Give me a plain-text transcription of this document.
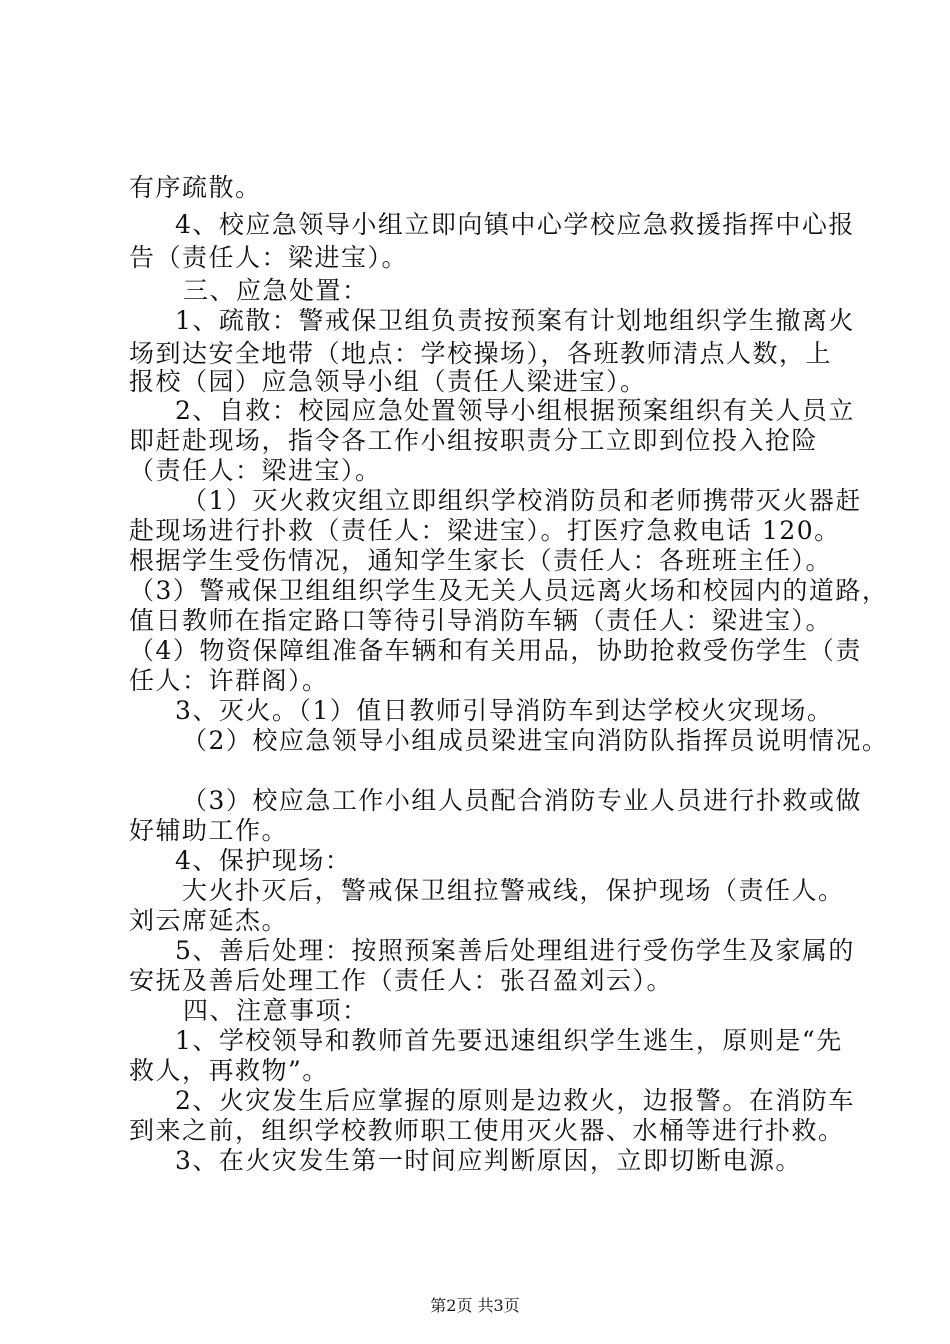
有序疏散。
4、校应急领导小组立即向镇中心学校应急救援指挥中心报
告（责任人：梁进宝）。
三、应急处置：
1、疏散：警戒保卫组负责按预案有计划地组织学生撤离火
场到达安全地带（地点：学校操场），各班教师清点人数，上
报校（园）应急领导小组（责任人梁进宝）。
2、自救：校园应急处置领导小组根据预案组织有关人员立
即赶赴现场，指令各工作小组按职责分工立即到位投入抢险
（责任人：梁进宝）。
（1）灭火救灾组立即组织学校消防员和老师携带灭火器赶
赴现场进行扑救（责任人：梁进宝）。打医疗急救电话 120。
根据学生受伤情况，通知学生家长（责任人：各班班主任）。
（3）警戒保卫组组织学生及无关人员远离火场和校园内的道路，
值日教师在指定路口等待引导消防车辆（责任人：梁进宝）。
（4）物资保障组准备车辆和有关用品，协助抢救受伤学生（责
任人：许群阁）。
3、灭火。（1）值日教师引导消防车到达学校火灾现场。
（2）校应急领导小组成员梁进宝向消防队指挥员说明情况。
（3）校应急工作小组人员配合消防专业人员进行扑救或做
好辅助工作。
4、保护现场：
大火扑灭后，警戒保卫组拉警戒线，保护现场（责任人。
刘云席延杰。
5、善后处理：按照预案善后处理组进行受伤学生及家属的
安抚及善后处理工作（责任人：张召盈刘云）。
四、注意事项：
1、学校领导和教师首先要迅速组织学生逃生，原则是“先
救人，再救物”。
2、火灾发生后应掌握的原则是边救火，边报警。在消防车
到来之前，组织学校教师职工使用灭火器、水桶等进行扑救。
3、在火灾发生第一时间应判断原因，立即切断电源。
第2页 共3页
